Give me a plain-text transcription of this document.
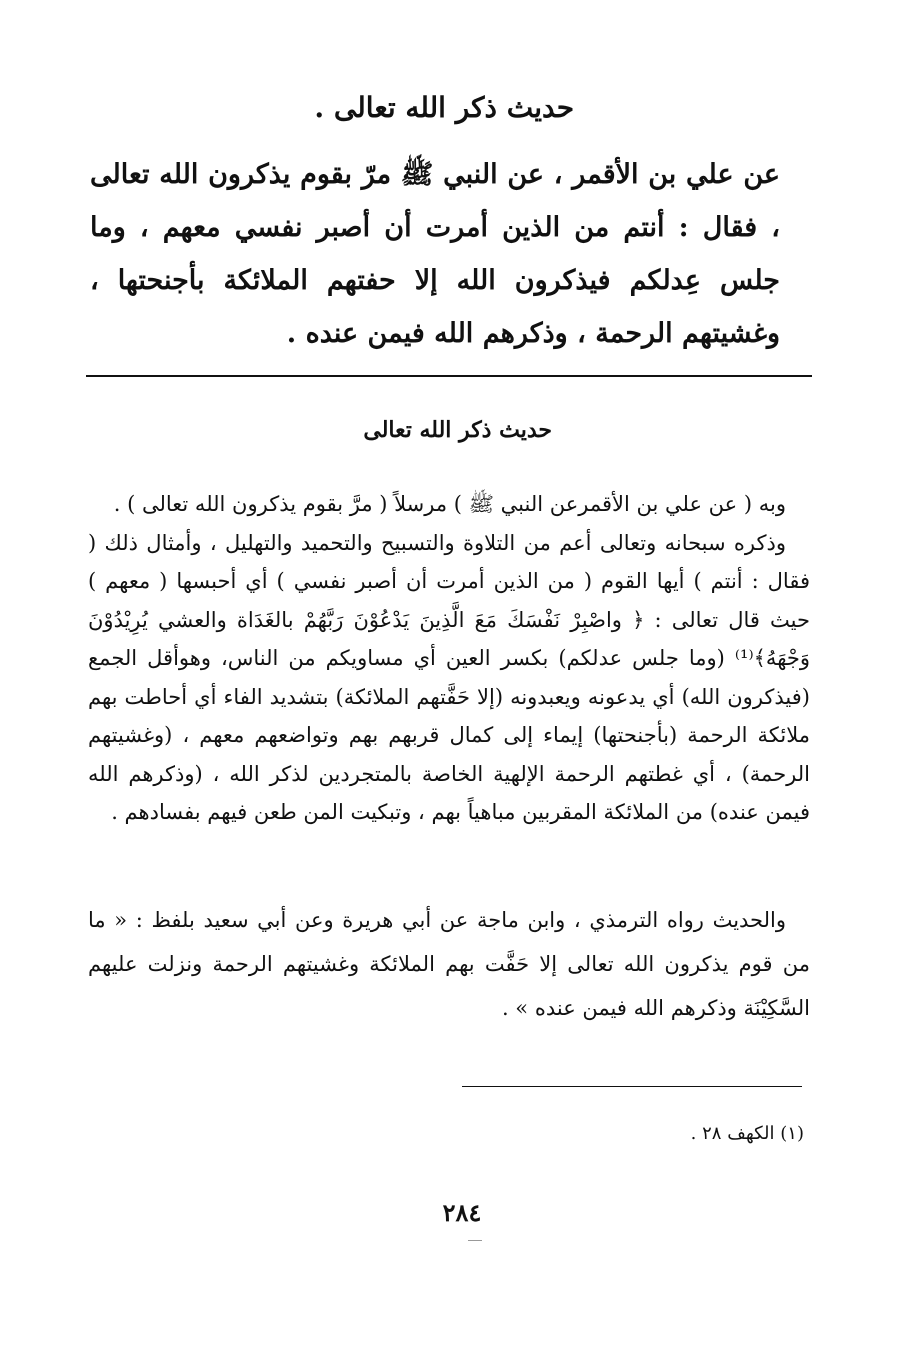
حديث ذكر الله تعالى .

عن علي بن الأقمر ، عن النبي ﷺ مرّ بقوم يذكرون الله تعالى ، فقال : أنتم من الذين أمرت أن أصبر نفسي معهم ، وما جلس عِدلكم فيذكرون الله إلا حفتهم الملائكة بأجنحتها ، وغشيتهم الرحمة ، وذكرهم الله فيمن عنده .

حديث ذكر الله تعالى

وبه ( عن علي بن الأقمرعن النبي ﷺ ) مرسلاً ( مرَّ بقوم يذكرون الله تعالى ) .

وذكره سبحانه وتعالى أعم من التلاوة والتسبيح والتحميد والتهليل ، وأمثال ذلك ( فقال : أنتم ) أيها القوم ( من الذين أمرت أن أصبر نفسي ) أي أحبسها ( معهم ) حيث قال تعالى : ﴿ واصْبِرْ نَفْسَكَ مَعَ الَّذِينَ يَدْعُوْنَ رَبَّهُمْ بالغَدَاة والعشي يُرِيْدُوْنَ وَجْهَهُ﴾⁽¹⁾ (وما جلس عدلكم) بكسر العين أي مساويكم من الناس، وهوأقل الجمع (فيذكرون الله) أي يدعونه ويعبدونه (إلا حَفَّتهم الملائكة) بتشديد الفاء أي أحاطت بهم ملائكة الرحمة (بأجنحتها) إيماء إلى كمال قربهم بهم وتواضعهم معهم ، (وغشيتهم الرحمة) ، أي غطتهم الرحمة الإلهية الخاصة بالمتجردين لذكر الله ، (وذكرهم الله فيمن عنده) من الملائكة المقربين مباهياً بهم ، وتبكيت المن طعن فيهم بفسادهم .

والحديث رواه الترمذي ، وابن ماجة عن أبي هريرة وعن أبي سعيد بلفظ : « ما من قوم يذكرون الله تعالى إلا حَفَّت بهم الملائكة وغشيتهم الرحمة ونزلت عليهم السَّكِيْنَة وذكرهم الله فيمن عنده » .

(١) الكهف ٢٨ .
٢٨٤
